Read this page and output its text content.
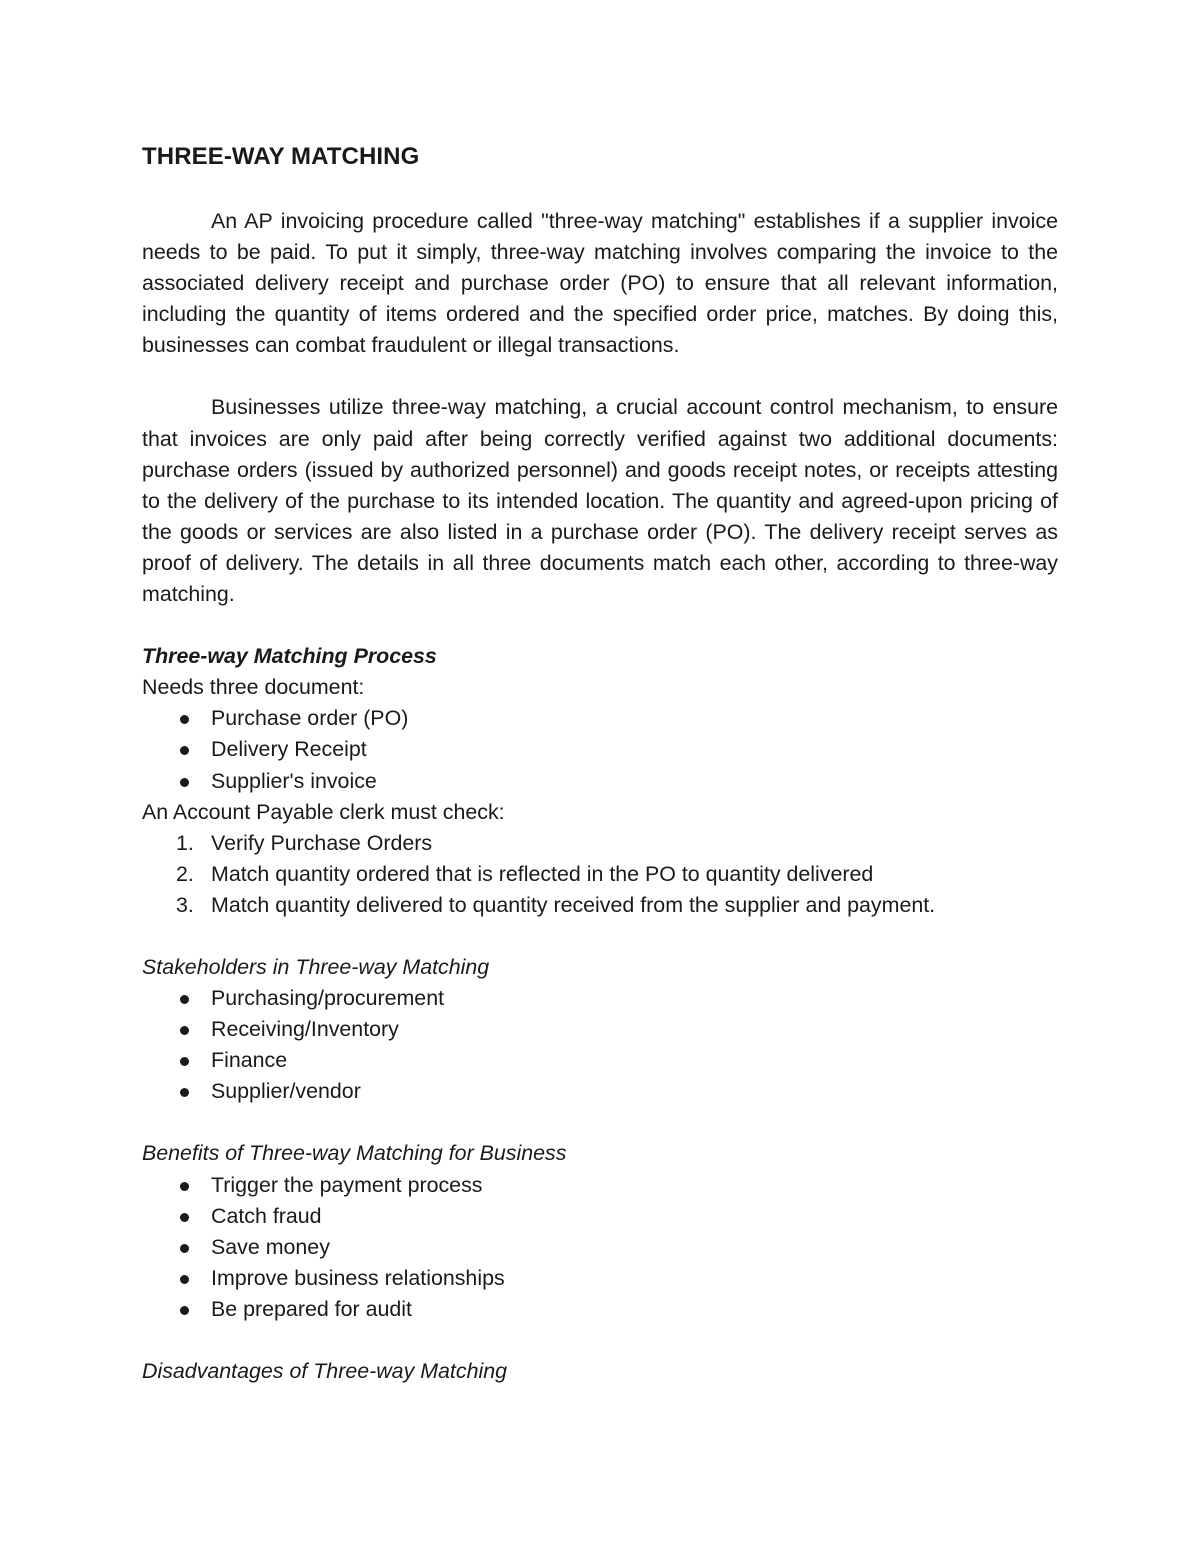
THREE-WAY MATCHING

An AP invoicing procedure called "three-way matching" establishes if a supplier invoice needs to be paid. To put it simply, three-way matching involves comparing the invoice to the associated delivery receipt and purchase order (PO) to ensure that all relevant information, including the quantity of items ordered and the specified order price, matches. By doing this, businesses can combat fraudulent or illegal transactions.

Businesses utilize three-way matching, a crucial account control mechanism, to ensure that invoices are only paid after being correctly verified against two additional documents: purchase orders (issued by authorized personnel) and goods receipt notes, or receipts attesting to the delivery of the purchase to its intended location. The quantity and agreed-upon pricing of the goods or services are also listed in a purchase order (PO). The delivery receipt serves as proof of delivery. The details in all three documents match each other, according to three-way matching.

Three-way Matching Process

Needs three document:

Purchase order (PO)
Delivery Receipt
Supplier's invoice

An Account Payable clerk must check:

1. Verify Purchase Orders
2. Match quantity ordered that is reflected in the PO to quantity delivered
3. Match quantity delivered to quantity received from the supplier and payment.

Stakeholders in Three-way Matching

Purchasing/procurement
Receiving/Inventory
Finance
Supplier/vendor

Benefits of Three-way Matching for Business

Trigger the payment process
Catch fraud
Save money
Improve business relationships
Be prepared for audit

Disadvantages of Three-way Matching
